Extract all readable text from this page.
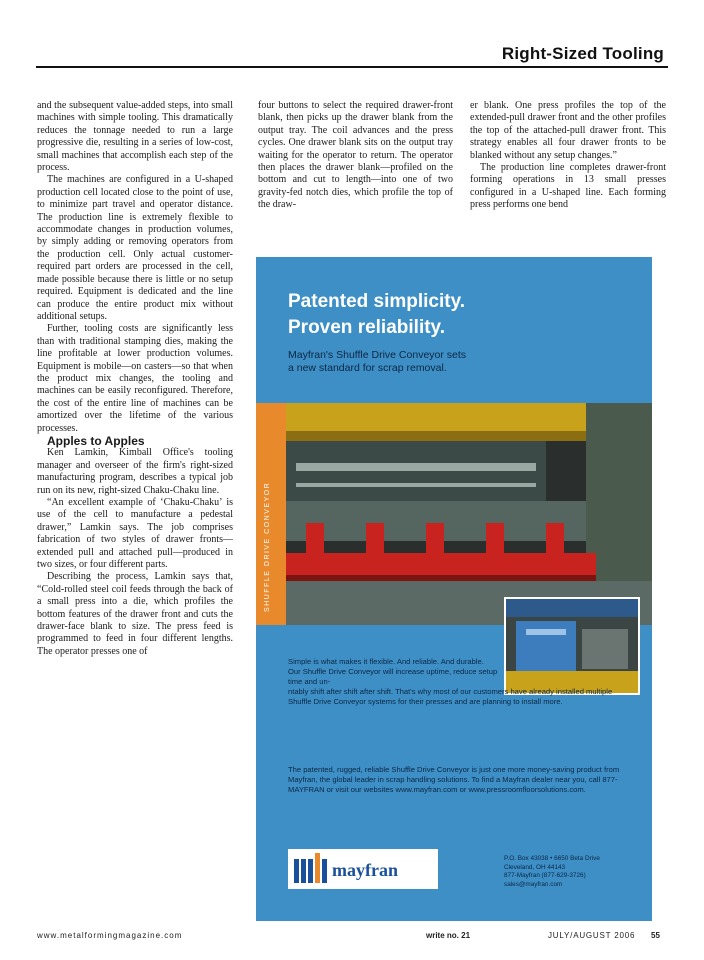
Right-Sized Tooling

and the subsequent value-added steps, into small machines with simple tooling. This dramatically reduces the tonnage needed to run a large progressive die, resulting in a series of low-cost, small machines that accomplish each step of the process.

The machines are configured in a U-shaped production cell located close to the point of use, to minimize part travel and operator distance. The production line is extremely flexible to accommodate changes in production volumes, by simply adding or removing operators from the production cell. Only actual customer-required part orders are processed in the cell, made possible because there is little or no setup required. Equipment is dedicated and the line can produce the entire product mix without additional setups.

Further, tooling costs are significantly less than with traditional stamping dies, making the line profitable at lower production volumes. Equipment is mobile—on casters—so that when the product mix changes, the tooling and machines can be easily reconfigured. Therefore, the cost of the entire line of machines can be amortized over the lifetime of the various processes.

Apples to Apples

Ken Lamkin, Kimball Office's tooling manager and overseer of the firm's right-sized manufacturing program, describes a typical job run on its new, right-sized Chaku-Chaku line.

“An excellent example of ‘Chaku-Chaku’ is use of the cell to manufacture a pedestal drawer,” Lamkin says. The job comprises fabrication of two styles of drawer fronts—extended pull and attached pull—produced in two sizes, or four different parts.

Describing the process, Lamkin says that, “Cold-rolled steel coil feeds through the back of a small press into a die, which profiles the bottom features of the drawer front and cuts the drawer-face blank to size. The press feed is programmed to feed in four different lengths. The operator presses one of

four buttons to select the required drawer-front blank, then picks up the drawer blank from the output tray. The coil advances and the press cycles. One drawer blank sits on the output tray waiting for the operator to return. The operator then places the drawer blank—profiled on the bottom and cut to length—into one of two gravity-fed notch dies, which profile the top of the draw-

er blank. One press profiles the top of the extended-pull drawer front and the other profiles the top of the attached-pull drawer front. This strategy enables all four drawer fronts to be blanked without any setup changes.”

The production line completes drawer-front forming operations in 13 small presses configured in a U-shaped line. Each forming press performs one bend

Patented simplicity.
Proven reliability.
Mayfran's Shuffle Drive Conveyor sets
a new standard for scrap removal.
SHUFFLE DRIVE CONVEYOR
Simple is what makes it flexible. And reliable. And durable. Our Shuffle Drive Conveyor will increase uptime, reduce setup time and un-
ntably shift after shift after shift. That's why most of our customers have already installed multiple Shuffle Drive Conveyor systems for their presses and are planning to install more.
The patented, rugged, reliable Shuffle Drive Conveyor is just one more money-saving product from Mayfran, the global leader in scrap handling solutions. To find a Mayfran dealer near you, call 877-MAYFRAN or visit our websites www.mayfran.com or www.pressroomfloorsolutions.com.
mayfran
P.O. Box 43038 • 6650 Beta Drive
Cleveland, OH 44143
877-Mayfran (877-629-3726)
sales@mayfran.com
www.metalformingmagazine.com	write no. 21	JULY/AUGUST 2006 55
